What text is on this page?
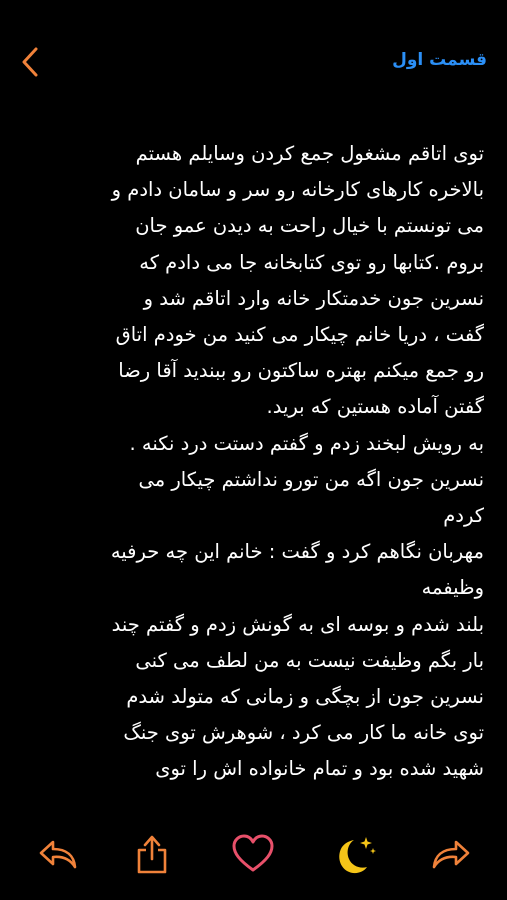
قسمت اول

توی اتاقم مشغول جمع کردن وسایلم هستم
بالاخره کارهای کارخانه رو سر و سامان دادم و
می تونستم با خیال راحت به دیدن عمو جان
بروم .کتابها رو توی کتابخانه جا می دادم که
نسرین جون خدمتکار خانه وارد اتاقم شد و
گفت ، دریا خانم چیکار می کنید من خودم اتاق
رو جمع میکنم بهتره ساکتون رو ببندید آقا رضا
گفتن آماده هستین که برید.
به رویش لبخند زدم و گفتم دستت درد نکنه .
نسرین جون اگه من تورو نداشتم چیکار می
کردم
مهربان نگاهم کرد و گفت : خانم این چه حرفیه
وظیفمه
بلند شدم و بوسه ای به گونش زدم و گفتم چند
بار بگم وظیفت نیست به من لطف می کنی
نسرین جون از بچگی و زمانی که متولد شدم
توی خانه ما کار می کرد ، شوهرش توی جنگ
شهید شده بود و تمام خانواده اش را توی
